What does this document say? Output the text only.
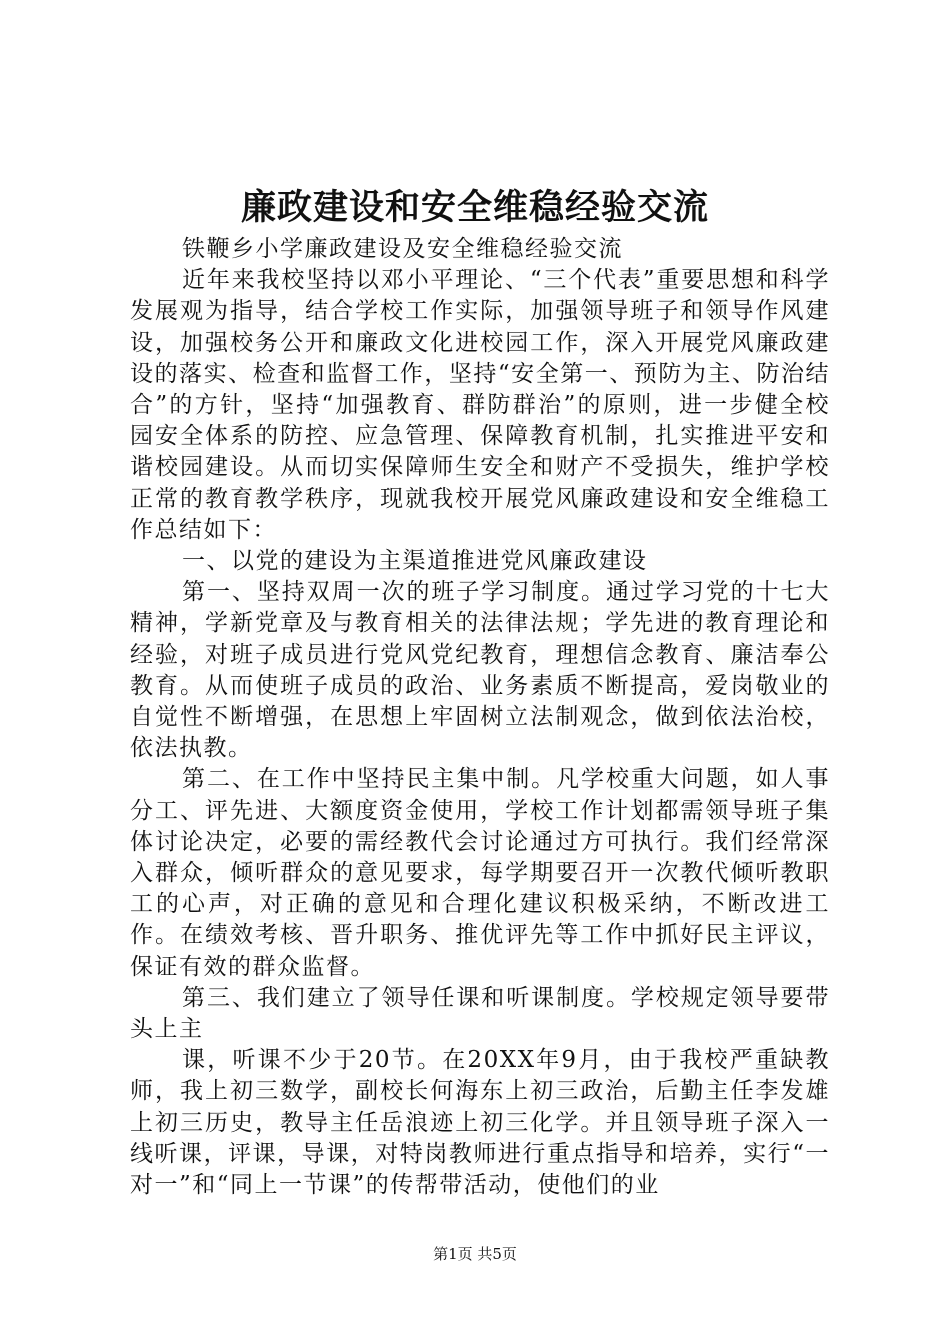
廉政建设和安全维稳经验交流

铁鞭乡小学廉政建设及安全维稳经验交流

近年来我校坚持以邓小平理论、“三个代表”重要思想和科学发展观为指导，结合学校工作实际，加强领导班子和领导作风建设，加强校务公开和廉政文化进校园工作，深入开展党风廉政建设的落实、检查和监督工作，坚持“安全第一、预防为主、防治结合”的方针，坚持“加强教育、群防群治”的原则，进一步健全校园安全体系的防控、应急管理、保障教育机制，扎实推进平安和谐校园建设。从而切实保障师生安全和财产不受损失，维护学校正常的教育教学秩序，现就我校开展党风廉政建设和安全维稳工作总结如下：

一、以党的建设为主渠道推进党风廉政建设

第一、坚持双周一次的班子学习制度。通过学习党的十七大精神，学新党章及与教育相关的法律法规；学先进的教育理论和经验，对班子成员进行党风党纪教育，理想信念教育、廉洁奉公教育。从而使班子成员的政治、业务素质不断提高，爱岗敬业的自觉性不断增强，在思想上牢固树立法制观念，做到依法治校，依法执教。

第二、在工作中坚持民主集中制。凡学校重大问题，如人事分工、评先进、大额度资金使用，学校工作计划都需领导班子集体讨论决定，必要的需经教代会讨论通过方可执行。我们经常深入群众，倾听群众的意见要求，每学期要召开一次教代倾听教职工的心声，对正确的意见和合理化建议积极采纳，不断改进工作。在绩效考核、晋升职务、推优评先等工作中抓好民主评议，保证有效的群众监督。

第三、我们建立了领导任课和听课制度。学校规定领导要带头上主

课，听课不少于20节。在20XX年9月，由于我校严重缺教师，我上初三数学，副校长何海东上初三政治，后勤主任李发雄上初三历史，教导主任岳浪迹上初三化学。并且领导班子深入一线听课，评课，导课，对特岗教师进行重点指导和培养，实行“一对一”和“同上一节课”的传帮带活动，使他们的业

第1页 共5页
